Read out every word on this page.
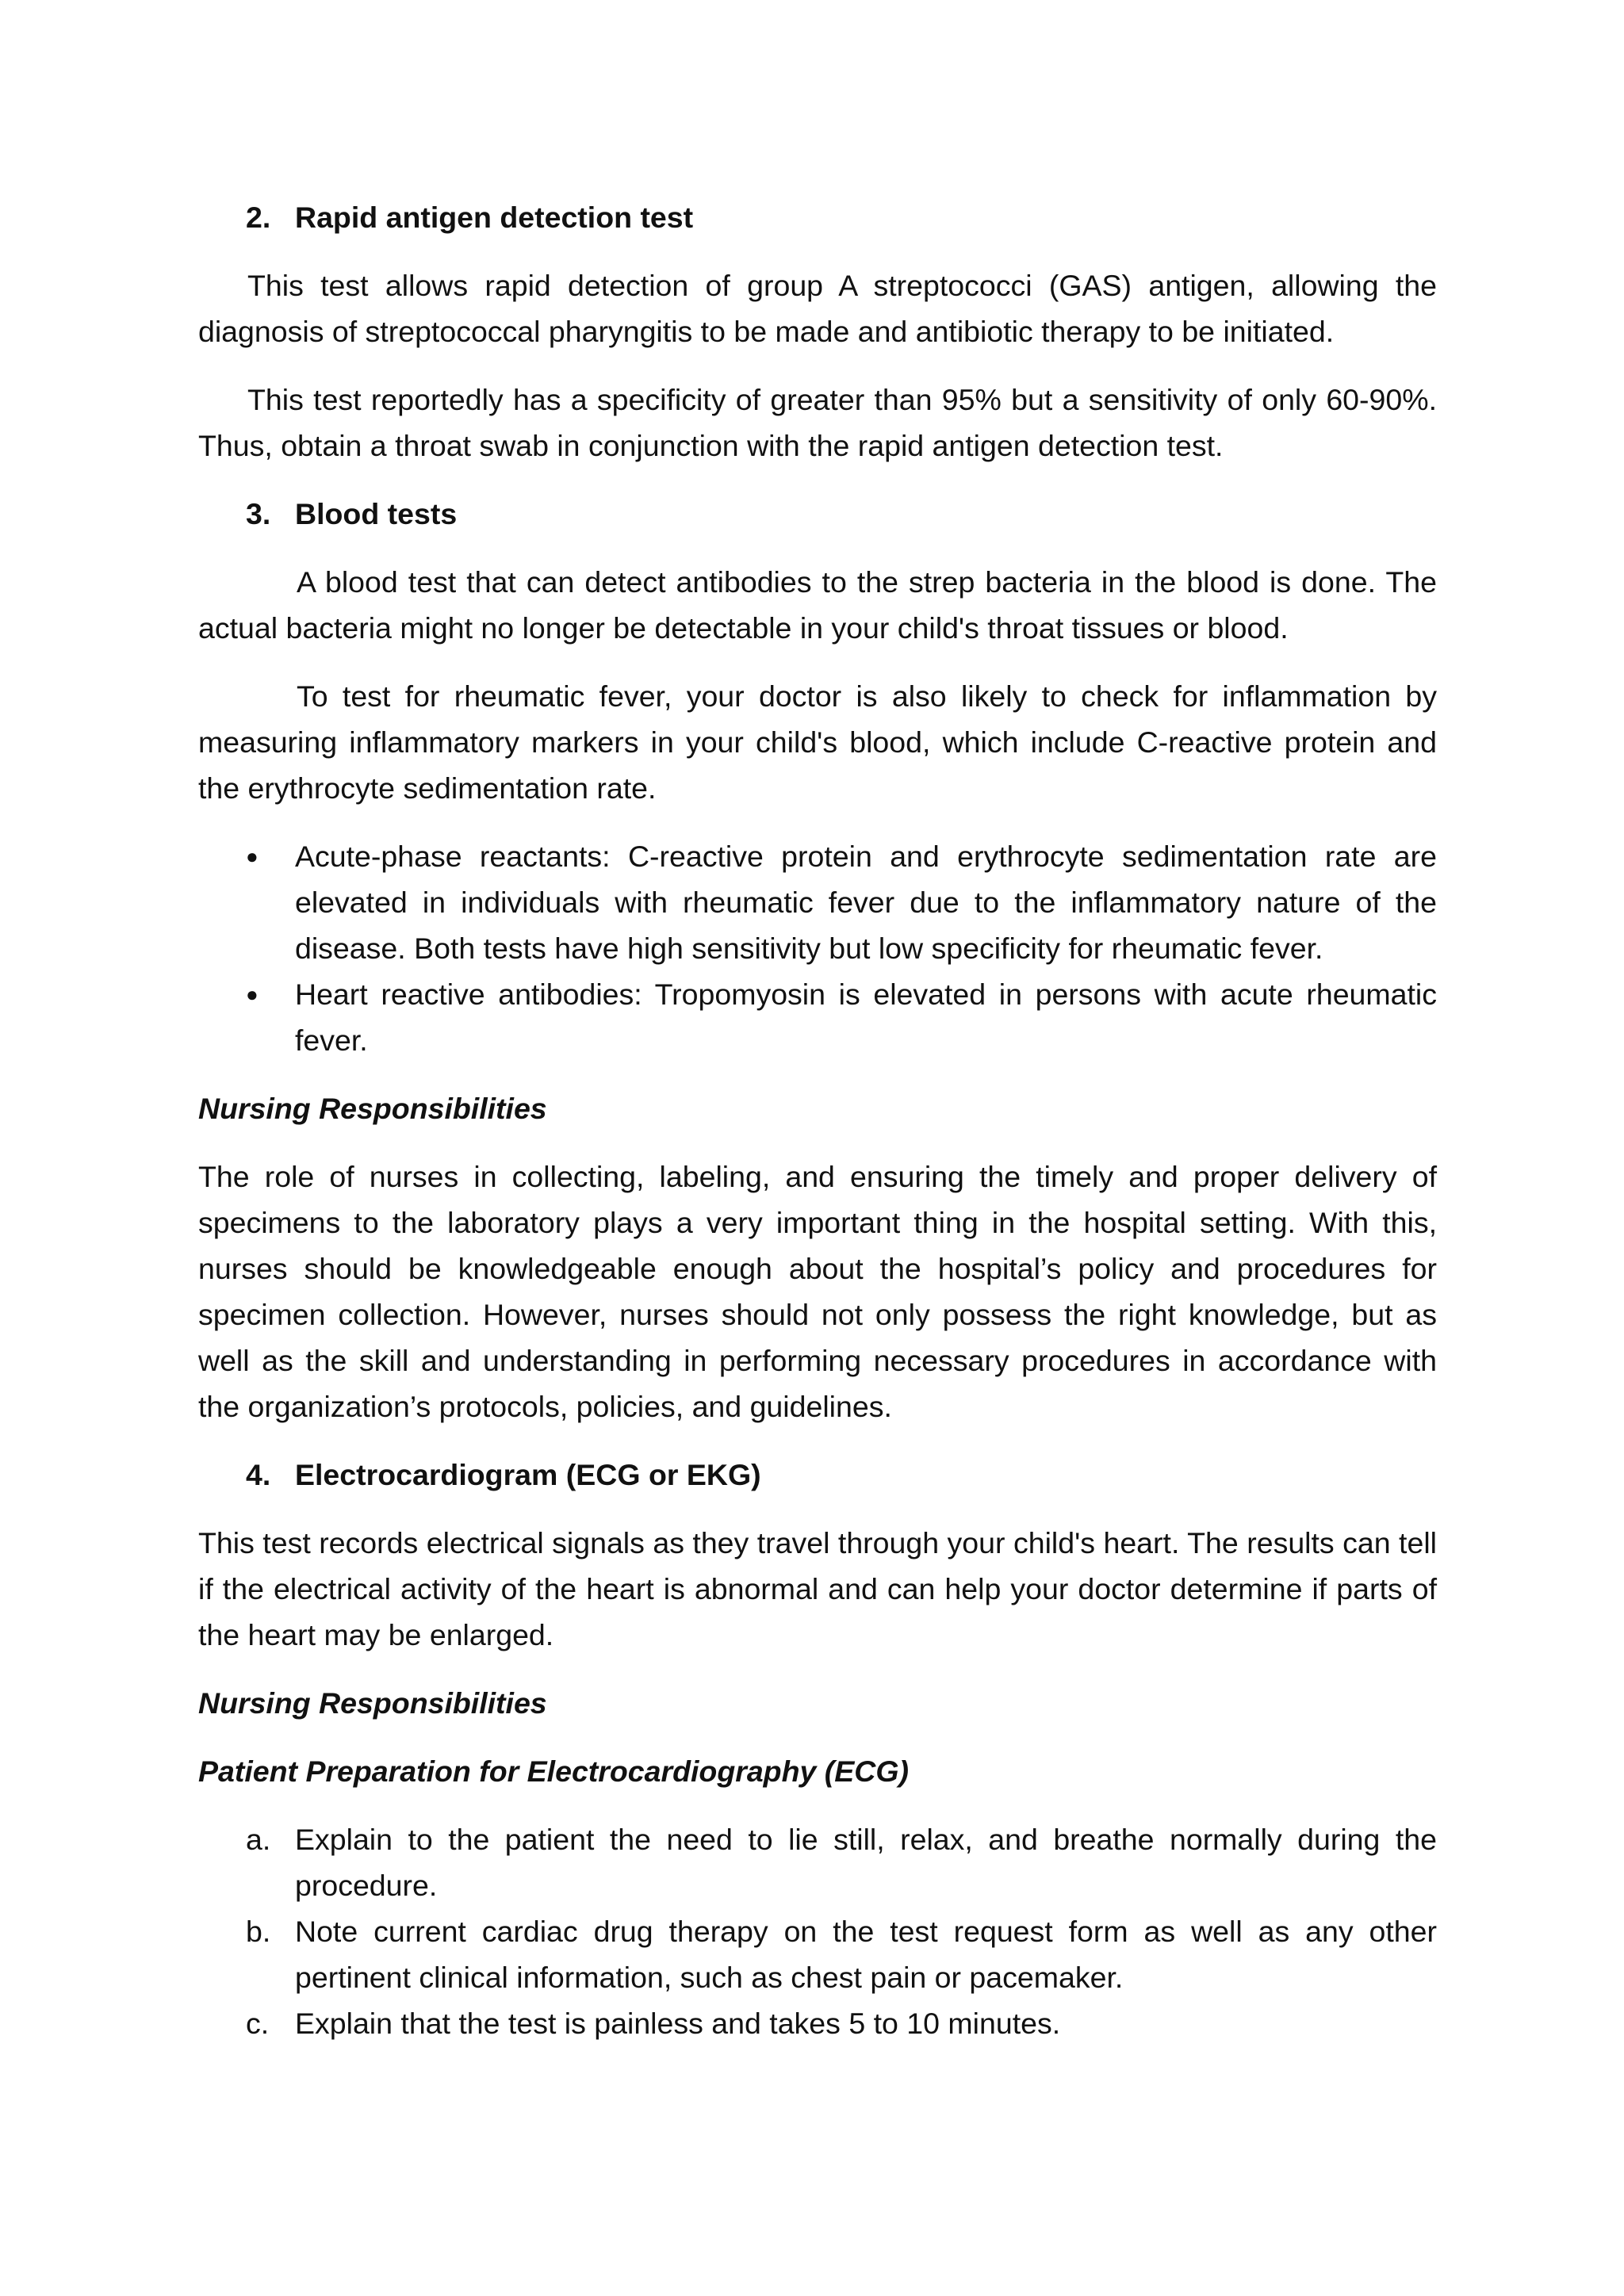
2. Rapid antigen detection test

This test allows rapid detection of group A streptococci (GAS) antigen, allowing the diagnosis of streptococcal pharyngitis to be made and antibiotic therapy to be initiated.

This test reportedly has a specificity of greater than 95% but a sensitivity of only 60-90%. Thus, obtain a throat swab in conjunction with the rapid antigen detection test.

3. Blood tests

A blood test that can detect antibodies to the strep bacteria in the blood is done. The actual bacteria might no longer be detectable in your child's throat tissues or blood.

To test for rheumatic fever, your doctor is also likely to check for inflammation by measuring inflammatory markers in your child's blood, which include C-reactive protein and the erythrocyte sedimentation rate.

●	Acute-phase reactants: C-reactive protein and erythrocyte sedimentation rate are elevated in individuals with rheumatic fever due to the inflammatory nature of the disease. Both tests have high sensitivity but low specificity for rheumatic fever.
●	Heart reactive antibodies: Tropomyosin is elevated in persons with acute rheumatic fever.
Nursing Responsibilities

The role of nurses in collecting, labeling, and ensuring the timely and proper delivery of specimens to the laboratory plays a very important thing in the hospital setting. With this, nurses should be knowledgeable enough about the hospital’s policy and procedures for specimen collection. However, nurses should not only possess the right knowledge, but as well as the skill and understanding in performing necessary procedures in accordance with the organization’s protocols, policies, and guidelines.

4. Electrocardiogram (ECG or EKG)

This test records electrical signals as they travel through your child's heart. The results can tell if the electrical activity of the heart is abnormal and can help your doctor determine if parts of the heart may be enlarged.

Nursing Responsibilities
Patient Preparation for Electrocardiography (ECG)
a. Explain to the patient the need to lie still, relax, and breathe normally during the procedure.
b. Note current cardiac drug therapy on the test request form as well as any other pertinent clinical information, such as chest pain or pacemaker.
c. Explain that the test is painless and takes 5 to 10 minutes.
